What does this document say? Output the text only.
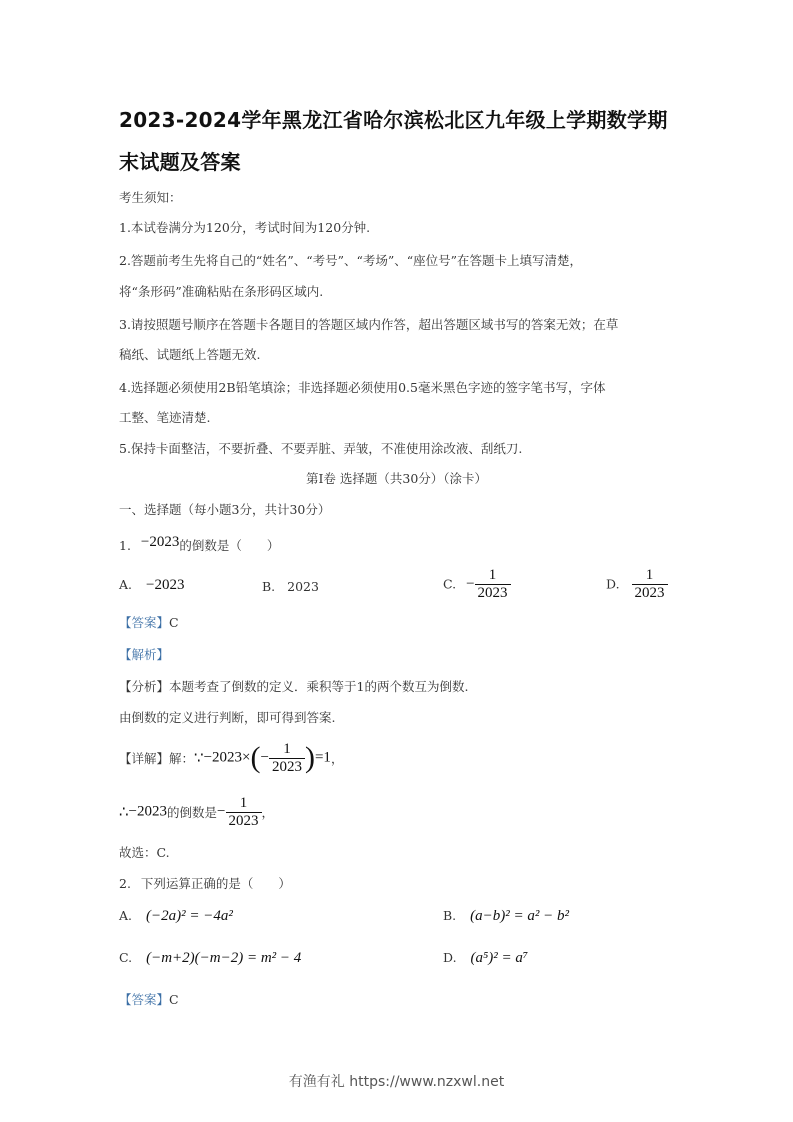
2023-2024学年黑龙江省哈尔滨松北区九年级上学期数学期
末试题及答案
考生须知：
1.本试卷满分为120分，考试时间为120分钟.
2.答题前考生先将自己的“姓名”、“考号”、“考场”、“座位号”在答题卡上填写清楚，
将“条形码”准确粘贴在条形码区域内.
3.请按照题号顺序在答题卡各题目的答题区域内作答，超出答题区域书写的答案无效；在草
稿纸、试题纸上答题无效.
4.选择题必须使用2B铅笔填涂；非选择题必须使用0.5毫米黑色字迹的签字笔书写，字体
工整、笔迹清楚.
5.保持卡面整洁，不要折叠、不要弄脏、弄皱，不准使用涂改液、刮纸刀.
第Ⅰ卷 选择题（共30分）（涂卡）
一、选择题（每小题3分，共计30分）
1. −2023的倒数是（　　）
A. −2023	B. 2023	C. − $\frac{1}{2023}$	D. $\frac{1}{2023}$
【答案】C
【解析】
【分析】本题考查了倒数的定义．乘积等于1的两个数互为倒数.
由倒数的定义进行判断，即可得到答案.
【详解】解：∵−2023×(− $\frac{1}{2023} )=1$，
∴−2023的倒数是− $\frac{1}{2023}$ ，
故选：C.
2. 下列运算正确的是（　　）
A. (−2a)² = −4a²	B. (a−b)² = a² − b²
C. (−m+2)(−m−2) = m² − 4	D. (a⁵)² = a⁷
【答案】C
有渔有礼 https://www.nzxwl.net
